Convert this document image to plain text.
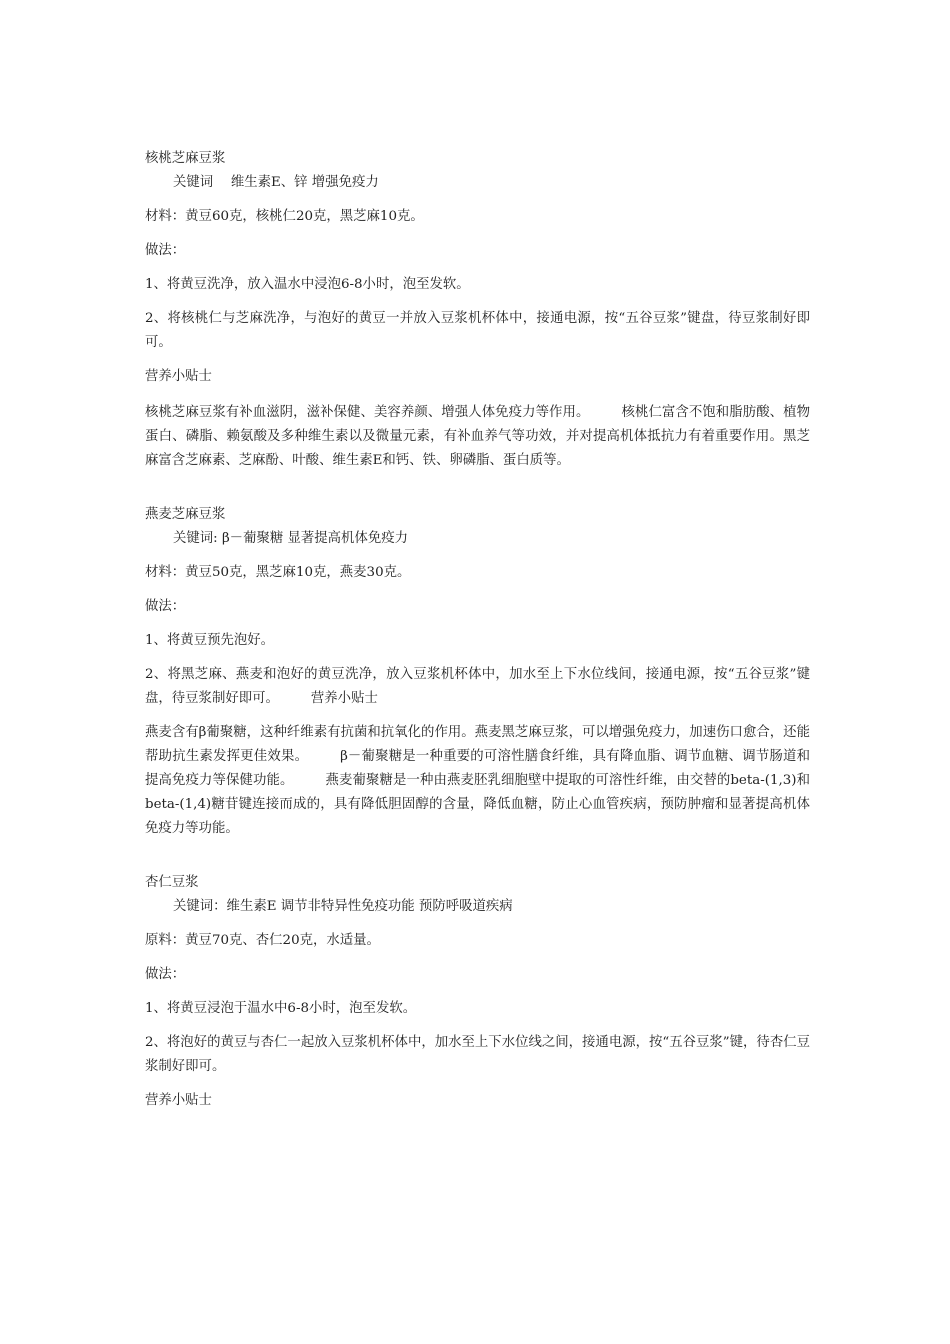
核桃芝麻豆浆

关键词　 维生素E、锌 增强免疫力

材料：黄豆60克，核桃仁20克，黑芝麻10克。

做法：

1、将黄豆洗净，放入温水中浸泡6-8小时，泡至发软。

2、将核桃仁与芝麻洗净，与泡好的黄豆一并放入豆浆机杯体中，接通电源，按“五谷豆浆”键盘，待豆浆制好即可。

营养小贴士

核桃芝麻豆浆有补血滋阴，滋补保健、美容养颜、增强人体免疫力等作用。 核桃仁富含不饱和脂肪酸、植物蛋白、磷脂、赖氨酸及多种维生素以及微量元素，有补血养气等功效，并对提高机体抵抗力有着重要作用。黑芝麻富含芝麻素、芝麻酚、叶酸、维生素E和钙、铁、卵磷脂、蛋白质等。

燕麦芝麻豆浆

关键词: β－葡聚糖 显著提高机体免疫力

材料：黄豆50克，黑芝麻10克，燕麦30克。

做法：

1、将黄豆预先泡好。

2、将黑芝麻、燕麦和泡好的黄豆洗净，放入豆浆机杯体中，加水至上下水位线间，接通电源，按“五谷豆浆”键盘，待豆浆制好即可。 营养小贴士

燕麦含有β葡聚糖，这种纤维素有抗菌和抗氧化的作用。燕麦黑芝麻豆浆，可以增强免疫力，加速伤口愈合，还能帮助抗生素发挥更佳效果。 β－葡聚糖是一种重要的可溶性膳食纤维，具有降血脂、调节血糖、调节肠道和提高免疫力等保健功能。 燕麦葡聚糖是一种由燕麦胚乳细胞壁中提取的可溶性纤维，由交替的beta-(1,3)和beta-(1,4)糖苷键连接而成的，具有降低胆固醇的含量，降低血糖，防止心血管疾病，预防肿瘤和显著提高机体免疫力等功能。

杏仁豆浆

关键词：维生素E 调节非特异性免疫功能 预防呼吸道疾病

原料：黄豆70克、杏仁20克，水适量。

做法：

1、将黄豆浸泡于温水中6-8小时，泡至发软。

2、将泡好的黄豆与杏仁一起放入豆浆机杯体中，加水至上下水位线之间，接通电源，按“五谷豆浆”键，待杏仁豆浆制好即可。

营养小贴士
